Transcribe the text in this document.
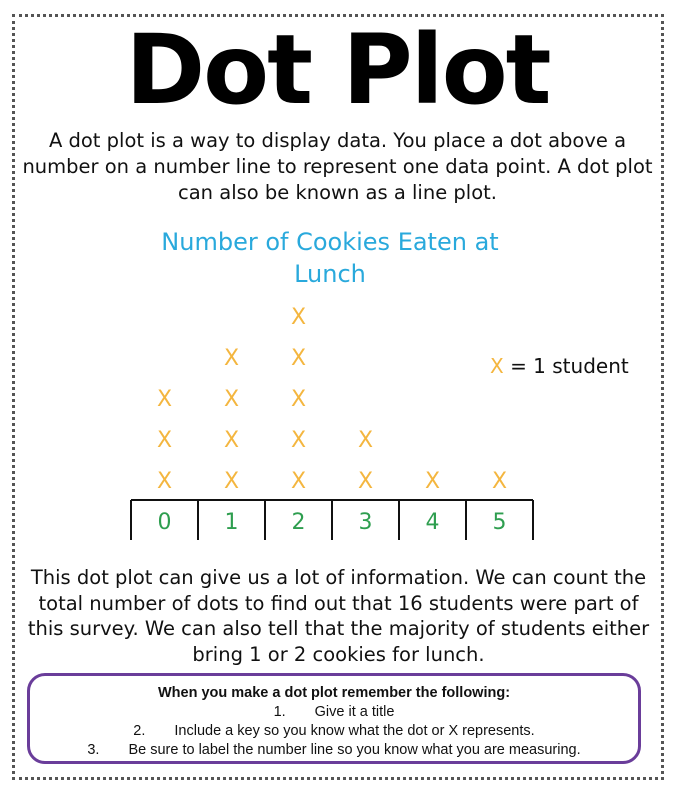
Dot Plot
A dot plot is a way to display data. You place a dot above a number on a number line to represent one data point. A dot plot can also be known as a line plot.
Number of Cookies Eaten at Lunch
X
X
X
X
X
X
X
X
X
X
X
X
X
X
X X
0 1 2 3 4 5
X = 1 student
This dot plot can give us a lot of information. We can count the total number of dots to find out that 16 students were part of this survey. We can also tell that the majority of students either bring 1 or 2 cookies for lunch.
When you make a dot plot remember the following:
1.  Give it a title
2.  Include a key so you know what the dot or X represents.
3.  Be sure to label the number line so you know what you are measuring.
